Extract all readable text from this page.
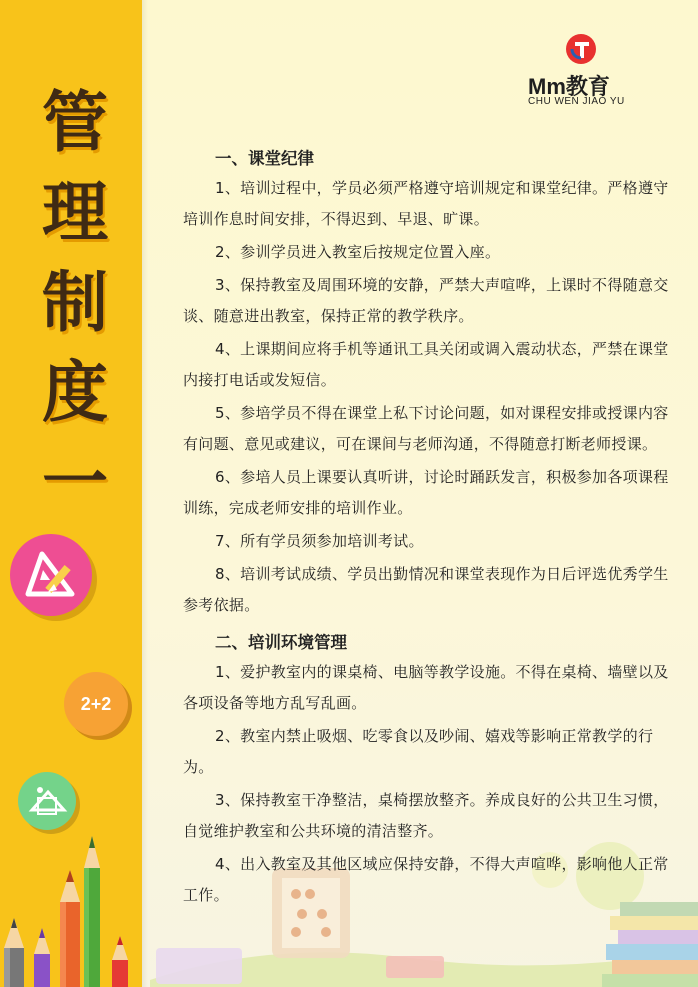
管
理
制
度
一
2+2
Mm教育
CHU WEN JIAO YU
一、课堂纪律

1、培训过程中，学员必须严格遵守培训规定和课堂纪律。严格遵守培训作息时间安排，不得迟到、早退、旷课。

2、参训学员进入教室后按规定位置入座。

3、保持教室及周围环境的安静，严禁大声喧哗，上课时不得随意交谈、随意进出教室，保持正常的教学秩序。

4、上课期间应将手机等通讯工具关闭或调入震动状态，严禁在课堂内接打电话或发短信。

5、参培学员不得在课堂上私下讨论问题，如对课程安排或授课内容有问题、意见或建议，可在课间与老师沟通，不得随意打断老师授课。

6、参培人员上课要认真听讲，讨论时踊跃发言，积极参加各项课程训练，完成老师安排的培训作业。

7、所有学员须参加培训考试。

8、培训考试成绩、学员出勤情况和课堂表现作为日后评选优秀学生参考依据。

二、培训环境管理

1、爱护教室内的课桌椅、电脑等教学设施。不得在桌椅、墙壁以及各项设备等地方乱写乱画。

2、教室内禁止吸烟、吃零食以及吵闹、嬉戏等影响正常教学的行为。

3、保持教室干净整洁，桌椅摆放整齐。养成良好的公共卫生习惯，自觉维护教室和公共环境的清洁整齐。

4、出入教室及其他区域应保持安静，不得大声喧哗，影响他人正常工作。
